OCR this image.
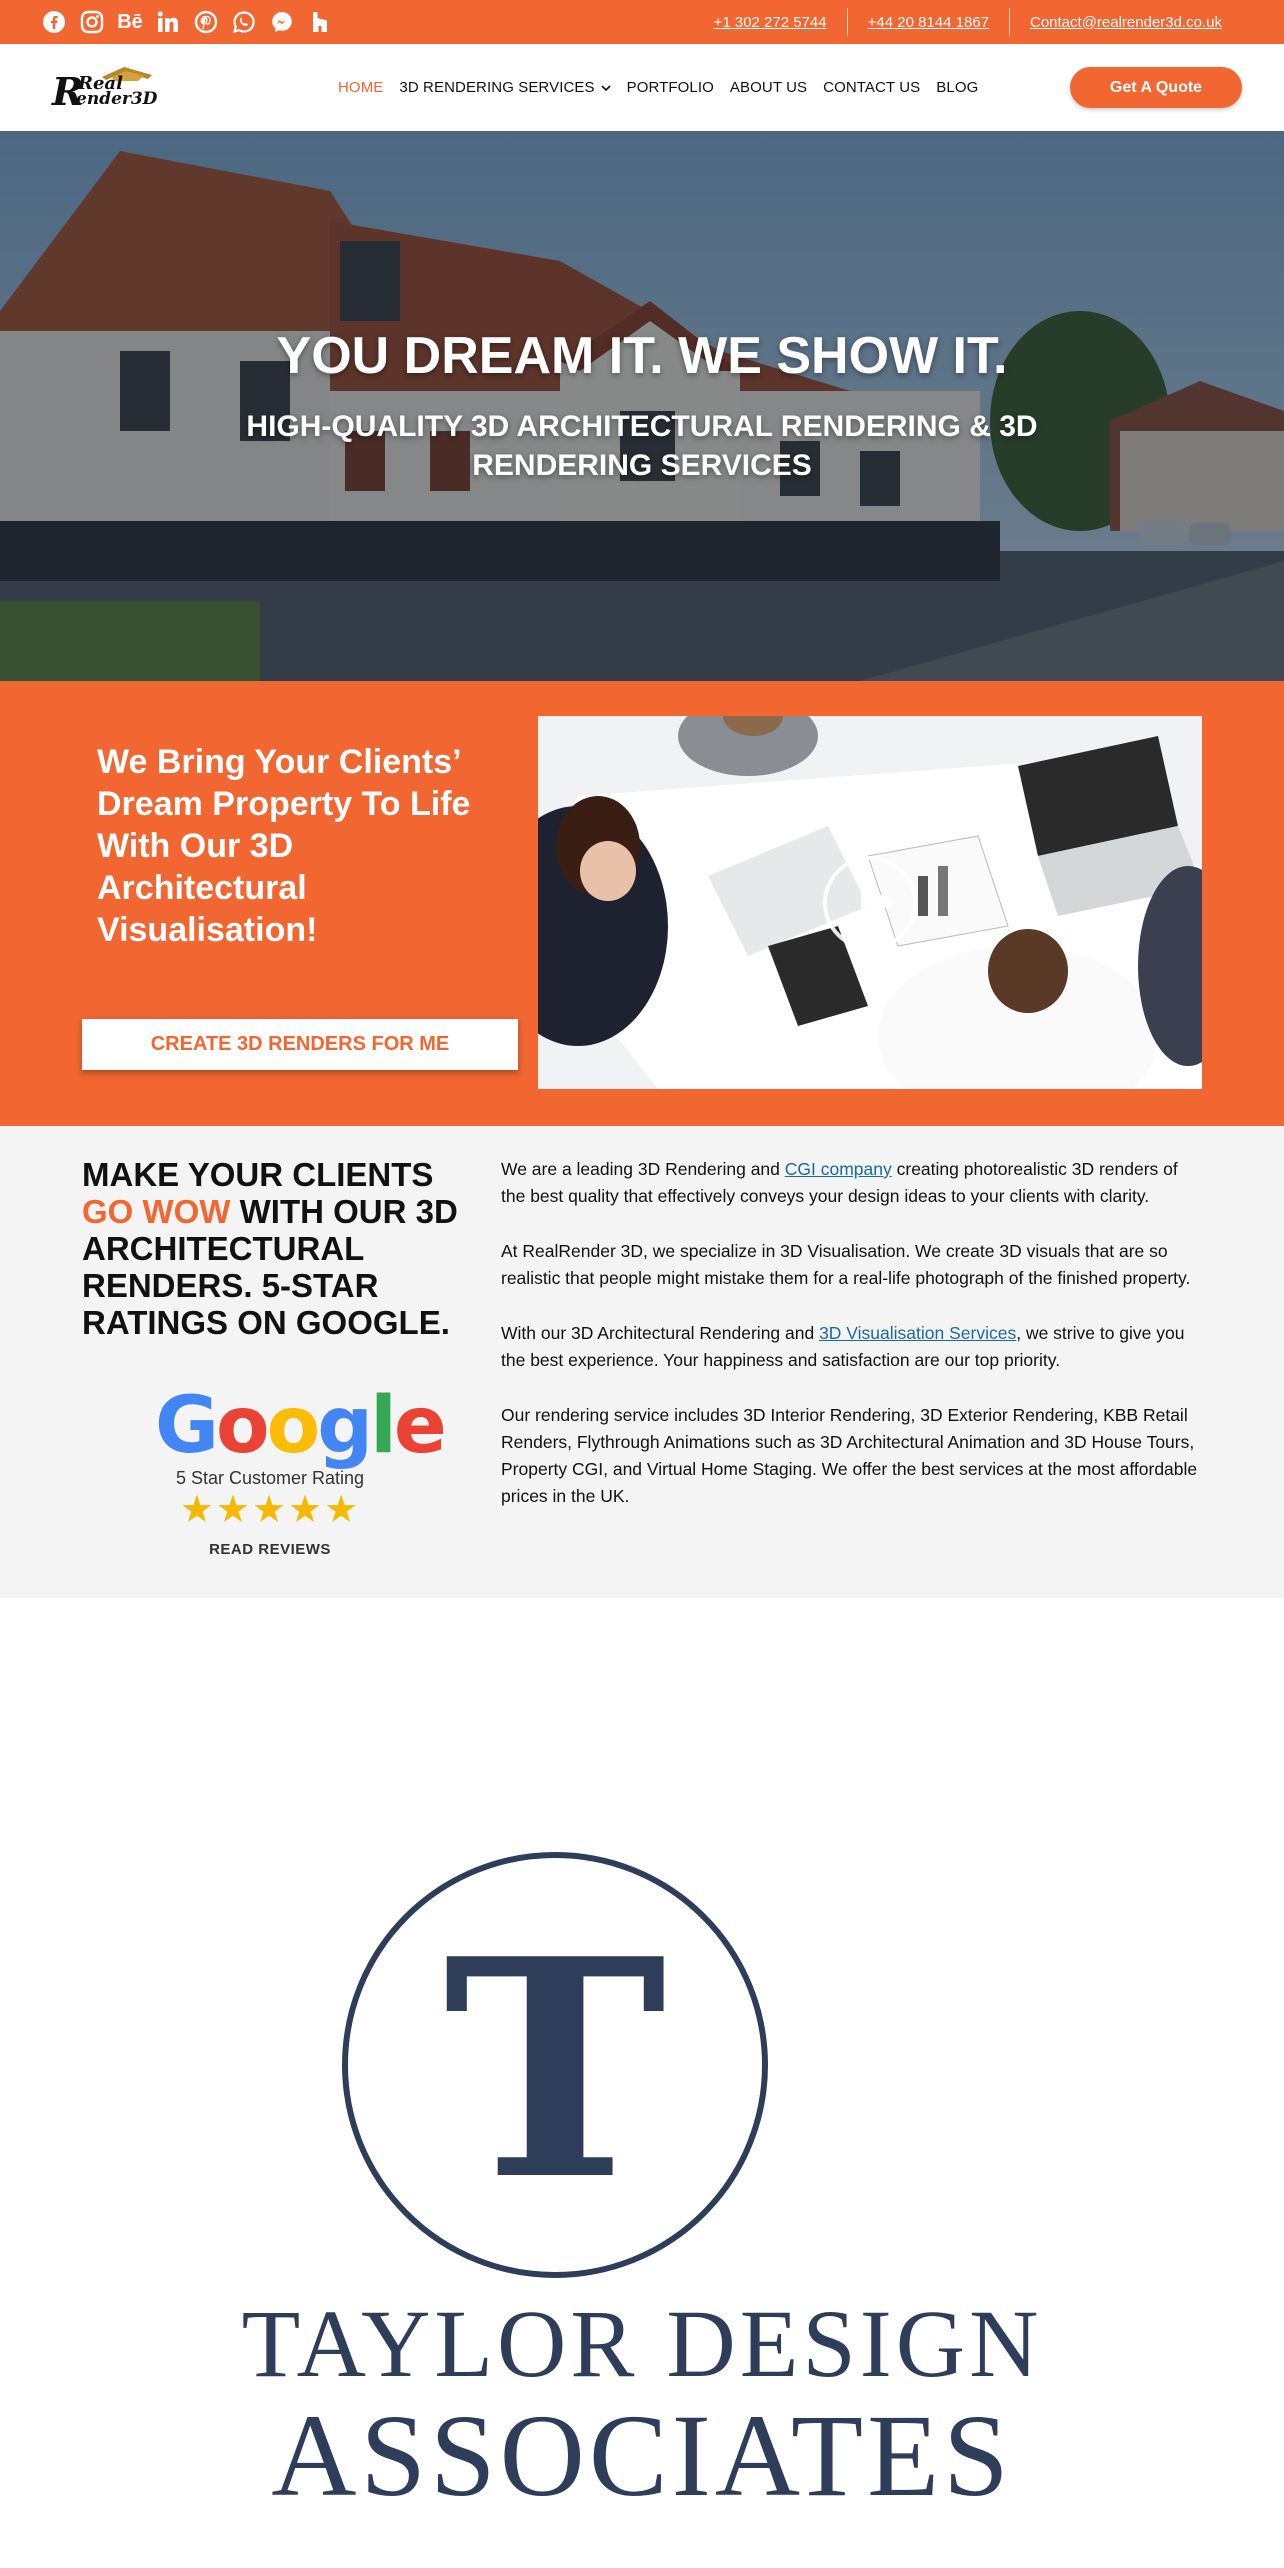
Bē	+1 302 272 5744	+44 20 8144 1867	Contact@realrender3d.co.uk
R
Real
ender3D
HOME 3D RENDERING SERVICES PORTFOLIO ABOUT US CONTACT US BLOG	Get A Quote
YOU DREAM IT. WE SHOW IT.
HIGH-QUALITY 3D ARCHITECTURAL RENDERING & 3D RENDERING SERVICES
We Bring Your Clients’ Dream Property To Life With Our 3D Architectural Visualisation!
CREATE 3D RENDERS FOR ME
MAKE YOUR CLIENTS
GO WOW WITH OUR 3D ARCHITECTURAL RENDERS. 5-STAR RATINGS ON GOOGLE.
Google
5 Star Customer Rating
★★★★★
READ REVIEWS

We are a leading 3D Rendering and CGI company creating photorealistic 3D renders of the best quality that effectively conveys your design ideas to your clients with clarity.

At RealRender 3D, we specialize in 3D Visualisation. We create 3D visuals that are so realistic that people might mistake them for a real-life photograph of the finished property.

With our 3D Architectural Rendering and 3D Visualisation Services, we strive to give you the best experience. Your happiness and satisfaction are our top priority.

Our rendering service includes 3D Interior Rendering, 3D Exterior Rendering, KBB Retail Renders, Flythrough Animations such as 3D Architectural Animation and 3D House Tours, Property CGI, and Virtual Home Staging. We offer the best services at the most affordable prices in the UK.

T
TAYLOR DESIGN
ASSOCIATES
